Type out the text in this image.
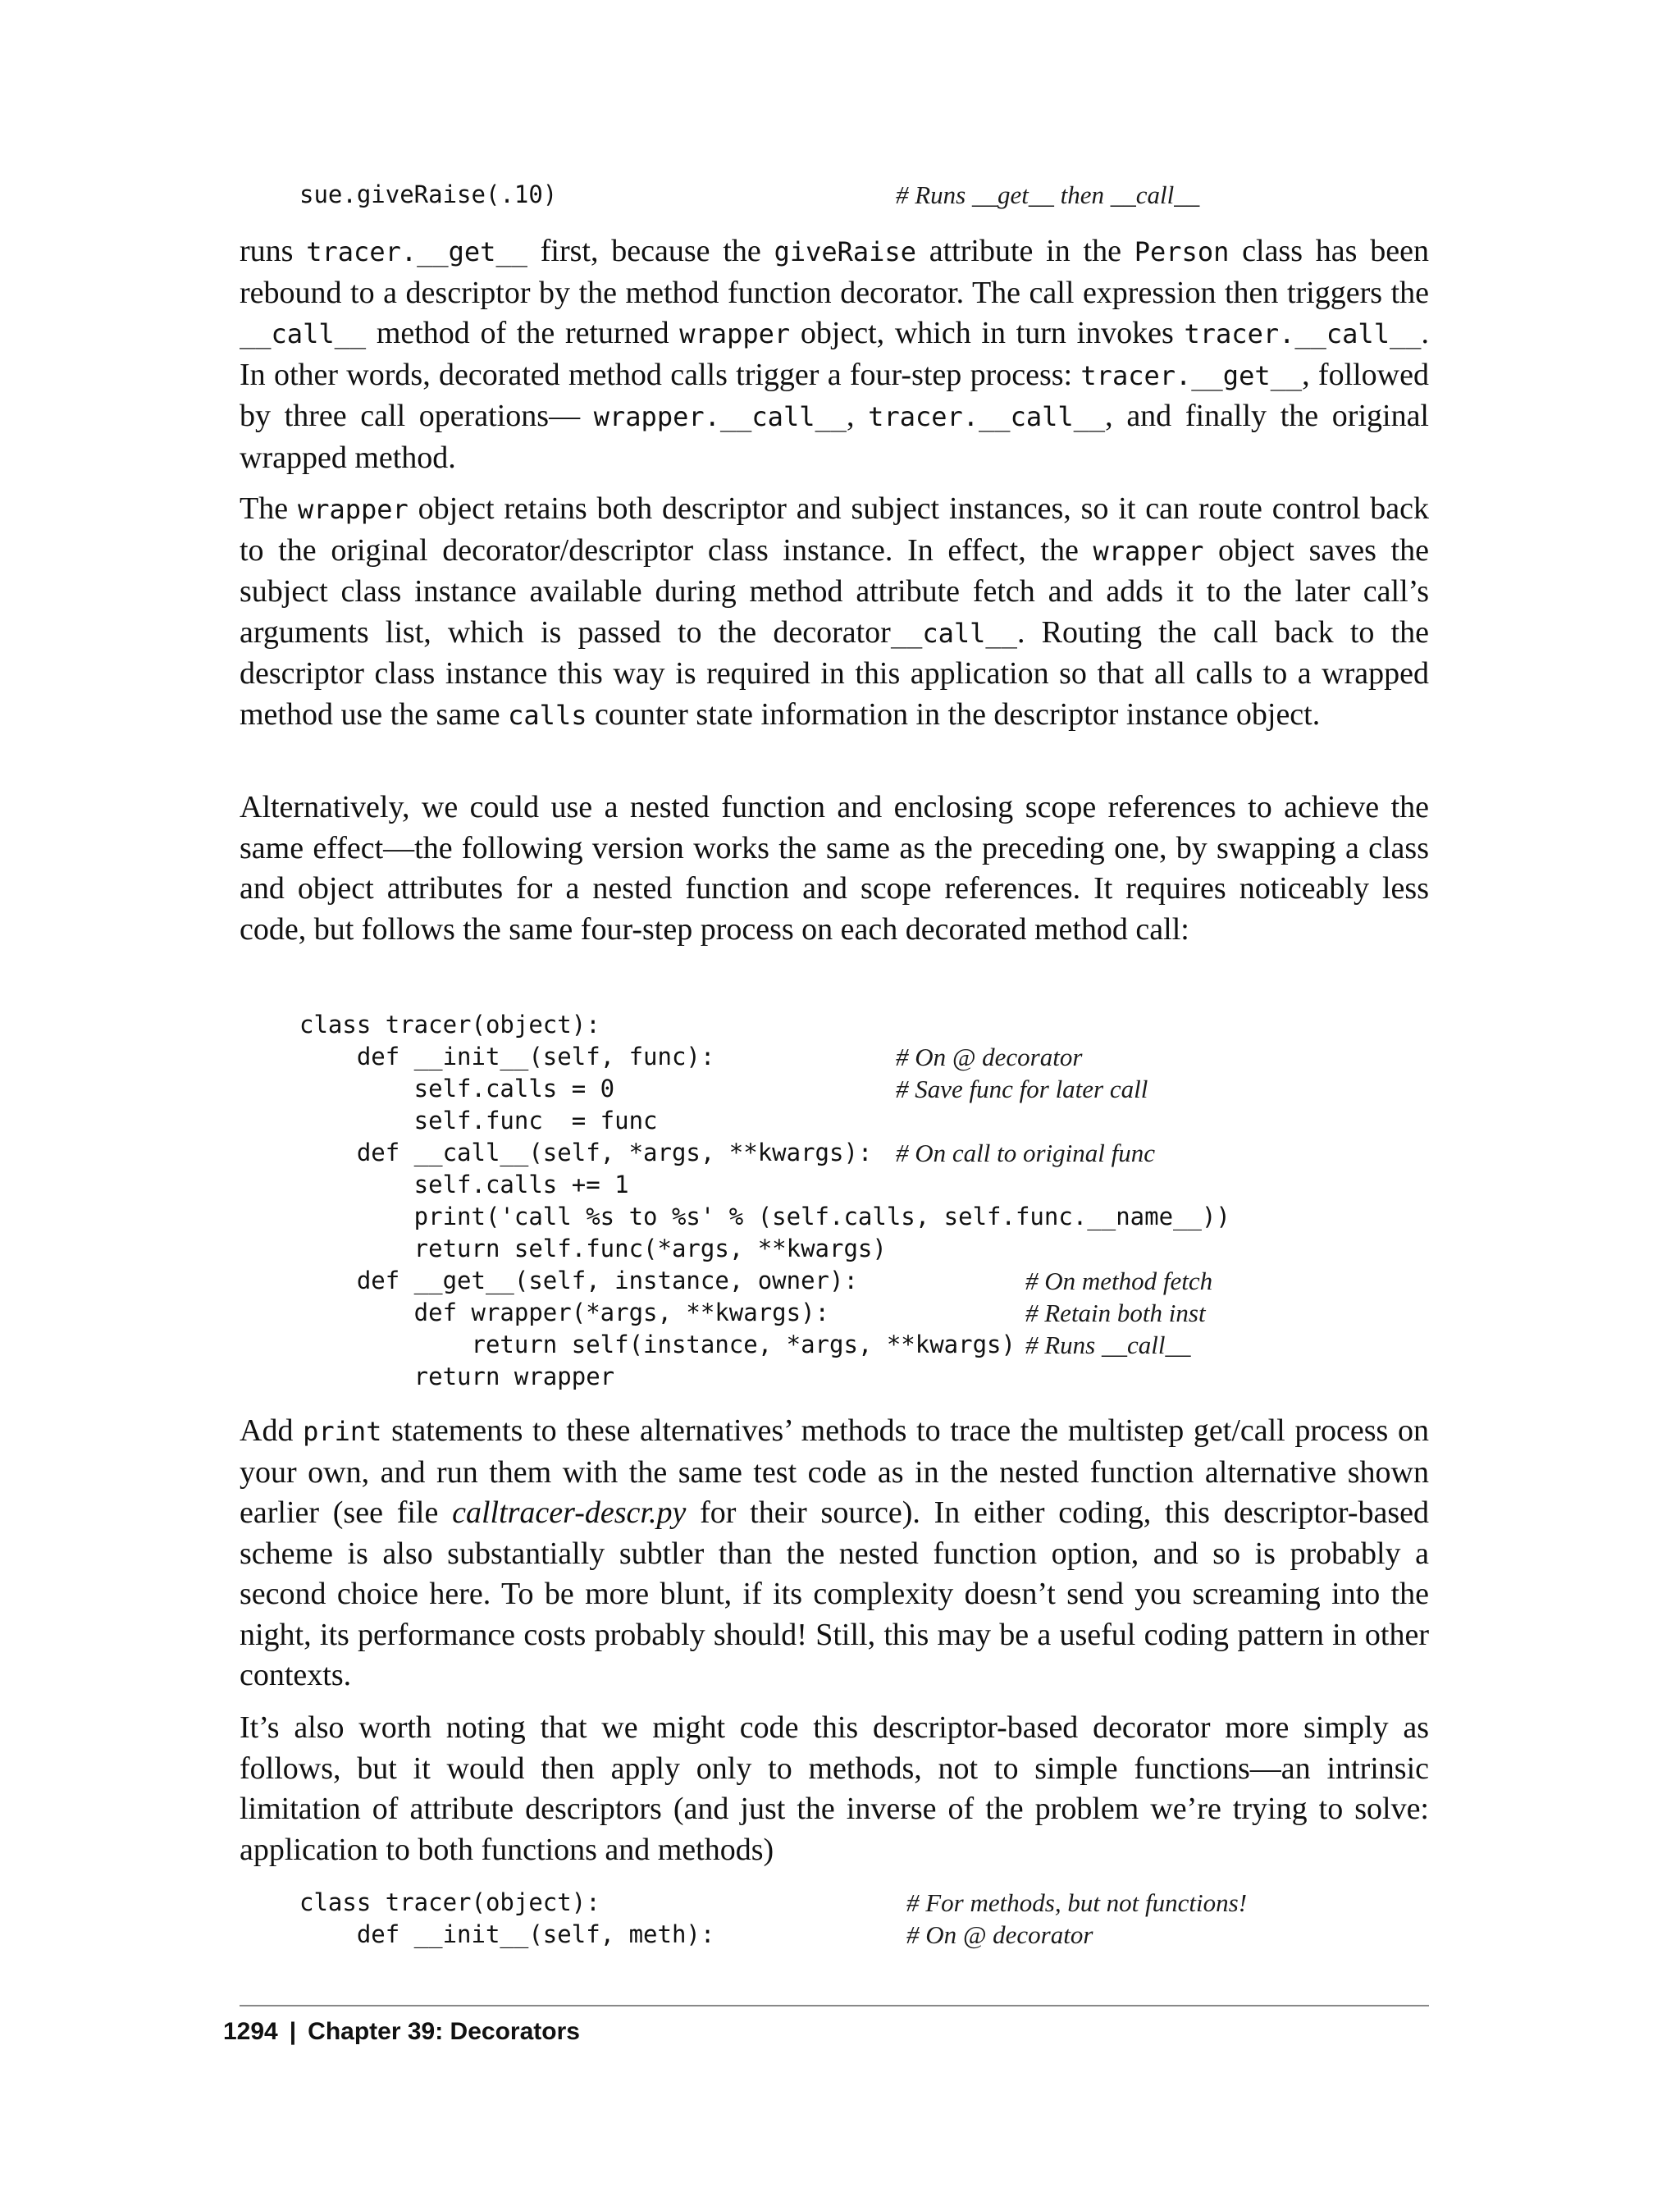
sue.giveRaise(.10)	# Runs __get__ then __call__

runs tracer.__get__ first, because the giveRaise attribute in the Person class has been rebound to a descriptor by the method function decorator. The call expression then triggers the __call__ method of the returned wrapper object, which in turn invokes tracer.__call__. In other words, decorated method calls trigger a four-step process: tracer.__get__, followed by three call operations— wrapper.__call__, tracer.__call__, and finally the original wrapped method.

The wrapper object retains both descriptor and subject instances, so it can route control back to the original decorator/descriptor class instance. In effect, the wrapper object saves the subject class instance available during method attribute fetch and adds it to the later call’s arguments list, which is passed to the decorator__call__. Routing the call back to the descriptor class instance this way is required in this application so that all calls to a wrapped method use the same calls counter state information in the descriptor instance object.

Alternatively, we could use a nested function and enclosing scope references to achieve the same effect—the following version works the same as the preceding one, by swapping a class and object attributes for a nested function and scope references. It requires noticeably less code, but follows the same four-step process on each decorated method call:

class tracer(object):
def __init__(self, func):
self.calls = 0
self.func  = func
def __call__(self, *args, **kwargs):
self.calls += 1
print('call %s to %s' % (self.calls, self.func.__name__))
return self.func(*args, **kwargs)
def __get__(self, instance, owner):
def wrapper(*args, **kwargs):
return self(instance, *args, **kwargs)
return wrapper
# On @ decorator
# Save func for later call
# On call to original func
# On method fetch
# Retain both inst
# Runs __call__

Add print statements to these alternatives’ methods to trace the multistep get/call process on your own, and run them with the same test code as in the nested function alternative shown earlier (see file calltracer-descr.py for their source). In either coding, this descriptor-based scheme is also substantially subtler than the nested function option, and so is probably a second choice here. To be more blunt, if its complexity doesn’t send you screaming into the night, its performance costs probably should! Still, this may be a useful coding pattern in other contexts.

It’s also worth noting that we might code this descriptor-based decorator more simply as follows, but it would then apply only to methods, not to simple functions—an intrinsic limitation of attribute descriptors (and just the inverse of the problem we’re trying to solve: application to both functions and methods)

class tracer(object):
def __init__(self, meth):
# For methods, but not functions!
# On @ decorator
1294 | Chapter 39: Decorators
